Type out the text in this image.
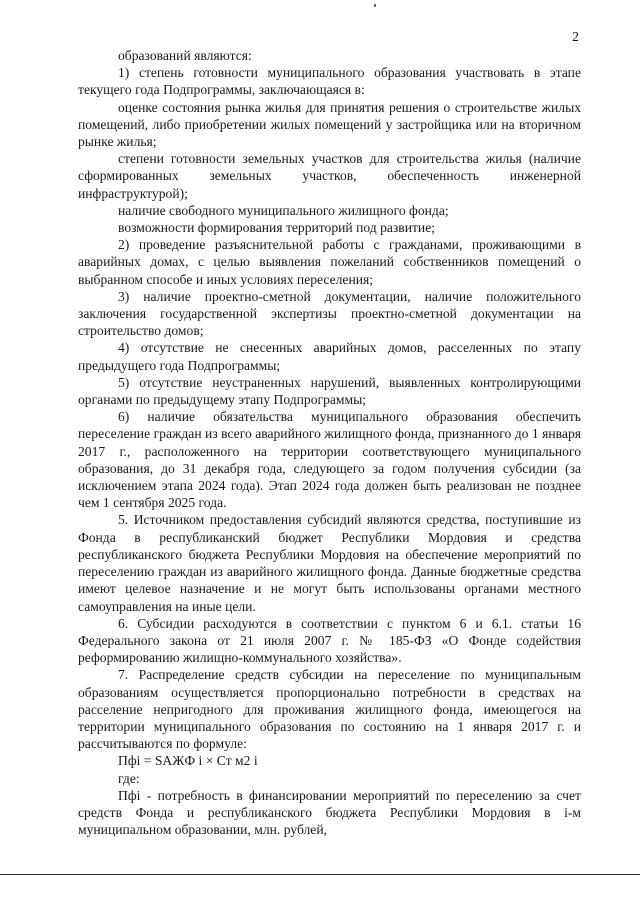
2

образований являются:

1) степень готовности муниципального образования участвовать в этапе текущего года Подпрограммы, заключающаяся в:

оценке состояния рынка жилья для принятия решения о строительстве жилых помещений, либо приобретении жилых помещений у застройщика или на вторичном рынке жилья;

степени готовности земельных участков для строительства жилья (наличие сформированных земельных участков, обеспеченность инженерной инфраструктурой);

наличие свободного муниципального жилищного фонда;

возможности формирования территорий под развитие;

2) проведение разъяснительной работы с гражданами, проживающими в аварийных домах, с целью выявления пожеланий собственников помещений о выбранном способе и иных условиях переселения;

3) наличие проектно-сметной документации, наличие положительного заключения государственной экспертизы проектно-сметной документации на строительство домов;

4) отсутствие не снесенных аварийных домов, расселенных по этапу предыдущего года Подпрограммы;

5) отсутствие неустраненных нарушений, выявленных контролирующими органами по предыдущему этапу Подпрограммы;

6) наличие обязательства муниципального образования обеспечить переселение граждан из всего аварийного жилищного фонда, признанного до 1 января 2017 г., расположенного на территории соответствующего муниципального образования, до 31 декабря года, следующего за годом получения субсидии (за исключением этапа 2024 года). Этап 2024 года должен быть реализован не позднее чем 1 сентября 2025 года.

5. Источником предоставления субсидий являются средства, поступившие из Фонда в республиканский бюджет Республики Мордовия и средства республиканского бюджета Республики Мордовия на обеспечение мероприятий по переселению граждан из аварийного жилищного фонда. Данные бюджетные средства имеют целевое назначение и не могут быть использованы органами местного самоуправления на иные цели.

6. Субсидии расходуются в соответствии с пунктом 6 и 6.1. статьи 16 Федерального закона от 21 июля 2007 г. № 185-ФЗ «О Фонде содействия реформированию жилищно-коммунального хозяйства».

7. Распределение средств субсидии на переселение по муниципальным образованиям осуществляется пропорционально потребности в средствах на расселение непригодного для проживания жилищного фонда, имеющегося на территории муниципального образования по состоянию на 1 января 2017 г. и рассчитываются по формуле:

Пфi = SАЖФ i × Ст м2 i

где:

Пфi - потребность в финансировании мероприятий по переселению за счет средств Фонда и республиканского бюджета Республики Мордовия в i-м муниципальном образовании, млн. рублей,
